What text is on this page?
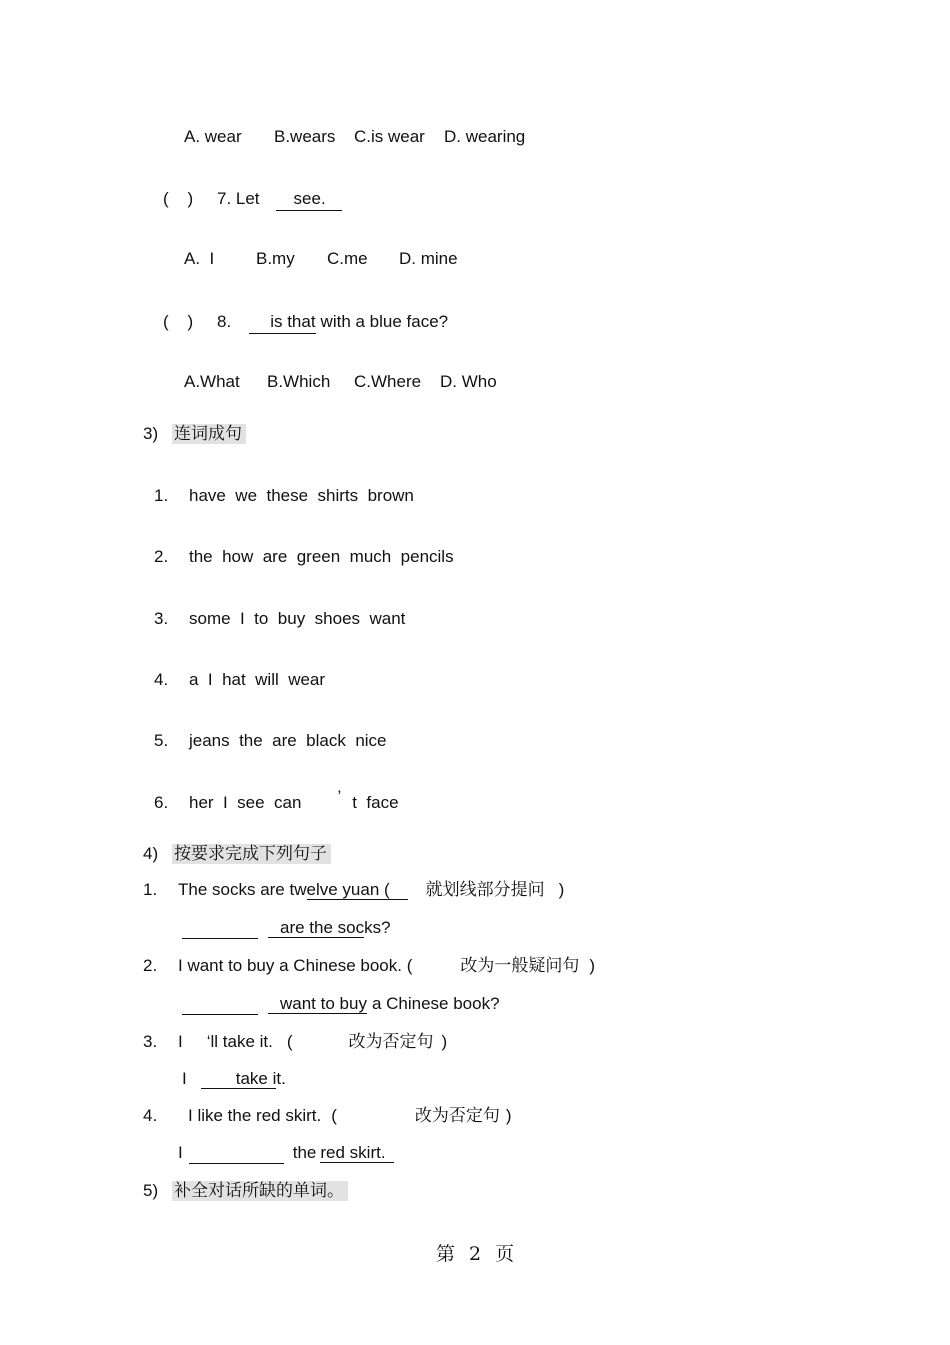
A. wear B.wears C.is wear D. wearing
(    ) 7. Let see.
A.  I B.my C.me D. mine
(    ) 8. is that with a blue face?
A.What B.Which C.Where D. Who
3) 连词成句
1. have  we  these  shirts  brown
2. the  how  are  green  much  pencils
3. some  I  to  buy  shoes  want
4. a  I  hat  will  wear
5. jeans  the  are  black  nice
6. her  I  see  can ’ t  face
4) 按要求完成下列句子
1. The socks are twelve yuan ( 就划线部分提问 )
are the socks?
2. I want to buy a Chinese book. (	改为一般疑问句 )
want to buy a Chinese book?
3. I ‘ll take it. (	改为否定句 )
I	take it.
4. I like the red skirt. (	改为否定句 )
I	the red skirt.
5) 补全对话所缺的单词。
第 2 页
